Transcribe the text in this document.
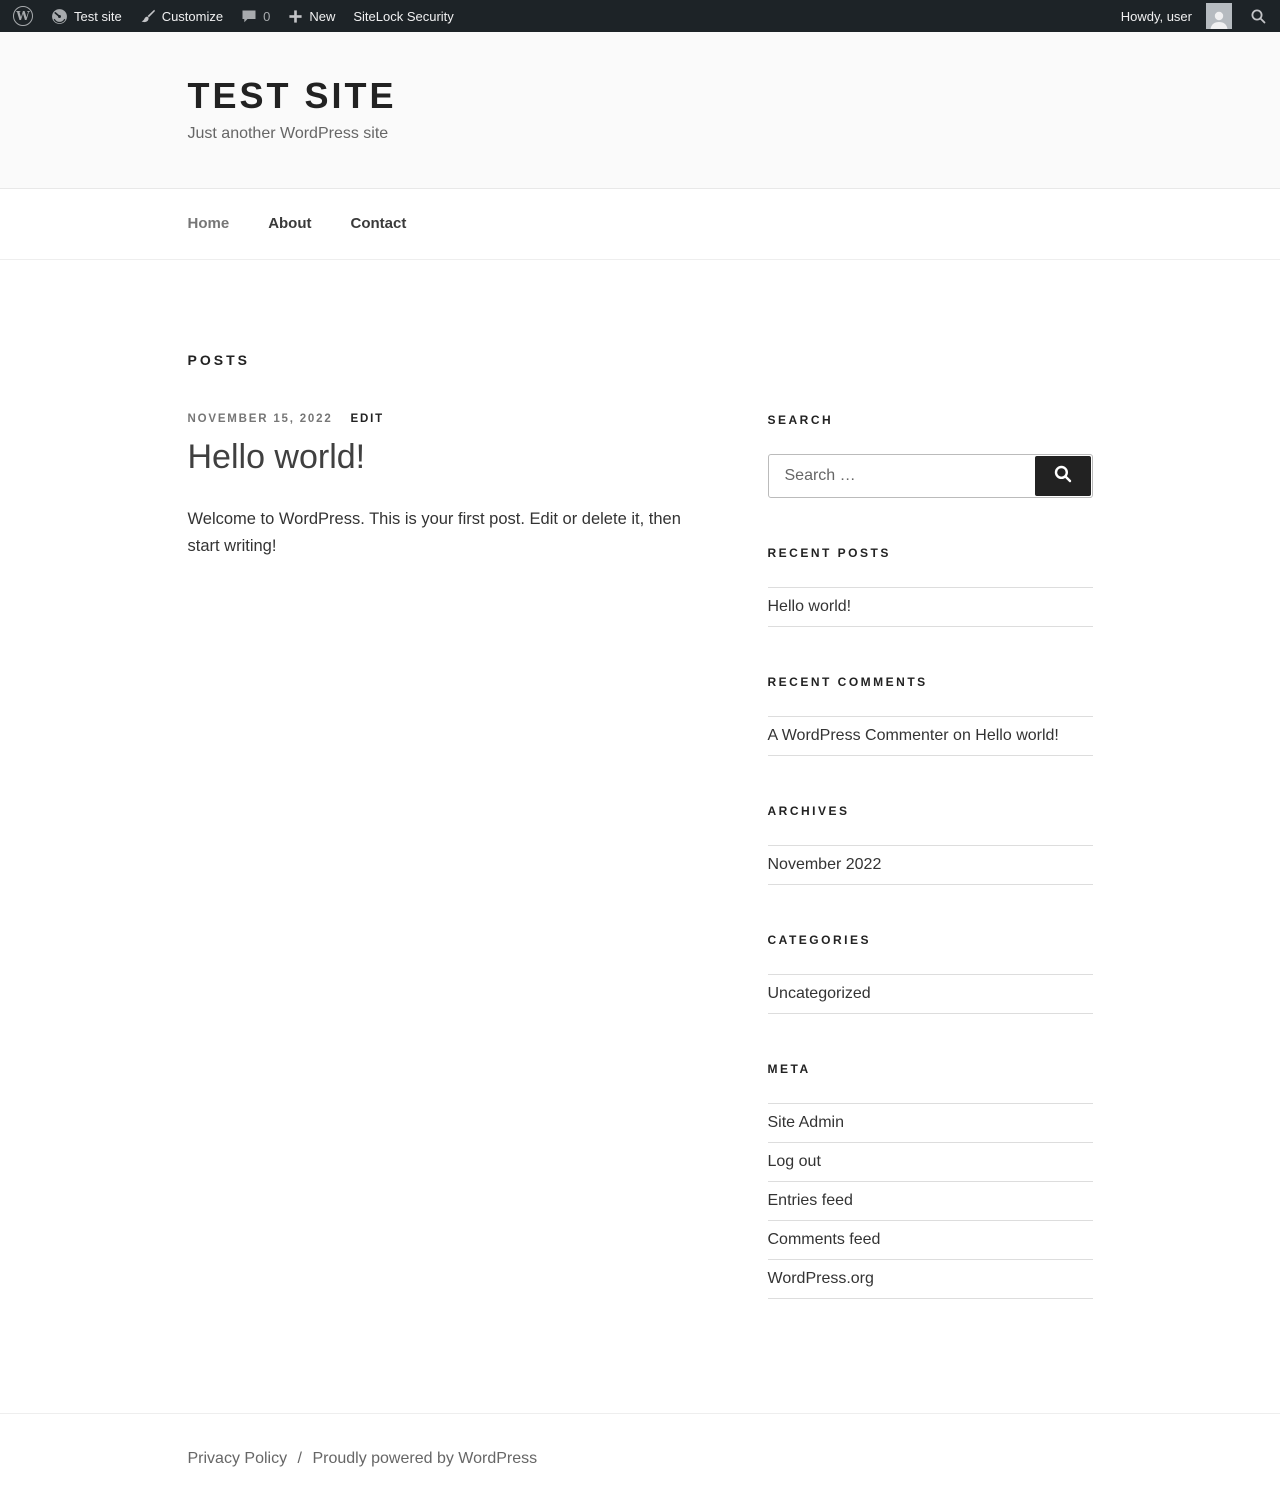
W	Test site	Customize	0	New SiteLock Security	Howdy, user
TEST SITE

Just another WordPress site

Home	About	Contact
POSTS
NOVEMBER 15, 2022 EDIT
Hello world!

Welcome to WordPress. This is your first post. Edit or delete it, then start writing!

SEARCH
Search …
RECENT POSTS
Hello world!
RECENT COMMENTS
A WordPress Commenter on Hello world!
ARCHIVES
November 2022
CATEGORIES
Uncategorized
META
Site Admin
Log out
Entries feed
Comments feed
WordPress.org

Privacy Policy / Proudly powered by WordPress
